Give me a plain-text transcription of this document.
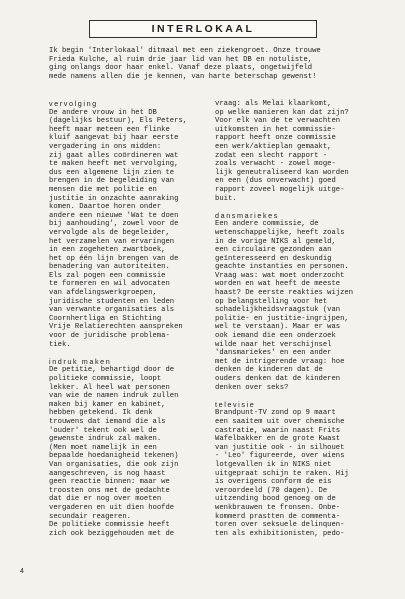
INTERLOKAAL
Ik begin 'Interlokaal' ditmaal met een ziekengroet. Onze trouwe
Frieda Kulche, al ruim drie jaar lid van het DB en notuliste,
ging onlangs door haar enkel. Vanaf deze plaats, ongetwijfeld
mede namens allen die je kennen, van harte beterschap gewenst!
vervolging
De andere vrouw in het DB
(dagelijks bestuur), Els Peters,
heeft maar meteen een flinke
kluif aangevat bij haar eerste
vergadering in ons midden:
zij gaat alles coördineren wat
te maken heeft met vervolging,
dus een algemene lijn zien te
brengen in de begeleiding van
mensen die met politie en
justitie in onzachte aanraking
komen. Daartoe horen onder
andere een nieuwe 'Wat te doen
bij aanhouding', zowel voor de
vervolgde als de begeleider,
het verzamelen van ervaringen
in een zogeheten zwartboek,
het op één lijn brengen van de
benadering van autoriteiten.
Els zal pogen een commissie
te formeren en wil advocaten
van afdelingswerkgroepen,
juridische studenten en leden
van verwante organisaties als
Coornhertliga en Stichting
Vrije Relatierechten aanspreken
voor de juridische problema-
tiek.
indruk maken
De petitie, behartigd door de
politieke commissie, loopt
lekker. Al heel wat personen
van wie de namen indruk zullen
maken bij kamer en kabinet,
hebben getekend. Ik denk
trouwens dat iemand die als
'ouder' tekent ook wel de
gewenste indruk zal maken.
(Men moet namelijk in een
bepaalde hoedanigheid tekenen)
Van organisaties, die ook zijn
aangeschreven, is nog haast
geen reactie binnen: maar we
troosten ons met de gedachte
dat die er nog over moeten
vergaderen en uit dien hoofde
secundair reageren.
De politieke commissie heeft
zich ook beziggehouden met de
vraag: als Melai klaarkomt,
op welke manieren kan dat zijn?
Voor elk van de te verwachten
uitkomsten in het commissie-
rapport heeft onze commissie
een werk/aktieplan gemaakt,
zodat een slecht rapport -
zoals verwacht - zowel moge-
lijk geneutraliseerd kan worden
en een (dus onverwacht) goed
rapport zoveel mogelijk uitge-
buit.
dansmariekes
Een andere commissie, de
wetenschappelijke, heeft zoals
in de vorige NIKS al gemeld,
een circulaire gezonden aan
geïnteresseerd en deskundig
geachte instanties en personen.
Vraag was: wat moet onderzocht
worden en wat heeft de meeste
haast? De eerste reakties wijzen
op belangstelling voor het
schadelijkheidsvraagstuk (van
politie- en justitie-ingrijpen,
wel te verstaan). Maar er was
ook iemand die een onderzoek
wilde naar het verschijnsel
'dansmariekes' en een ander
met de intrigerende vraag: hoe
denken de kinderen dat de
ouders denken dat de kinderen
denken over seks?
televisie
Brandpunt-TV zond op 9 maart
een saaitem uit over chemische
castratie, waarin naast Frits
Wafelbakker en de grote Kwast
van justitie ook - in silhouet
- 'Leo' figureerde, over wiens
lotgevallen ik in NIKS niet
uitgepraat schijn te raken. Hij
is overigens conform de eis
veroordeeld (70 dagen). De
uitzending bood genoeg om de
wenkbrauwen te fronsen. Onbe-
kommerd prastten de commenta-
toren over seksuele delinquen-
ten als exhibitionisten, pedo-
4
